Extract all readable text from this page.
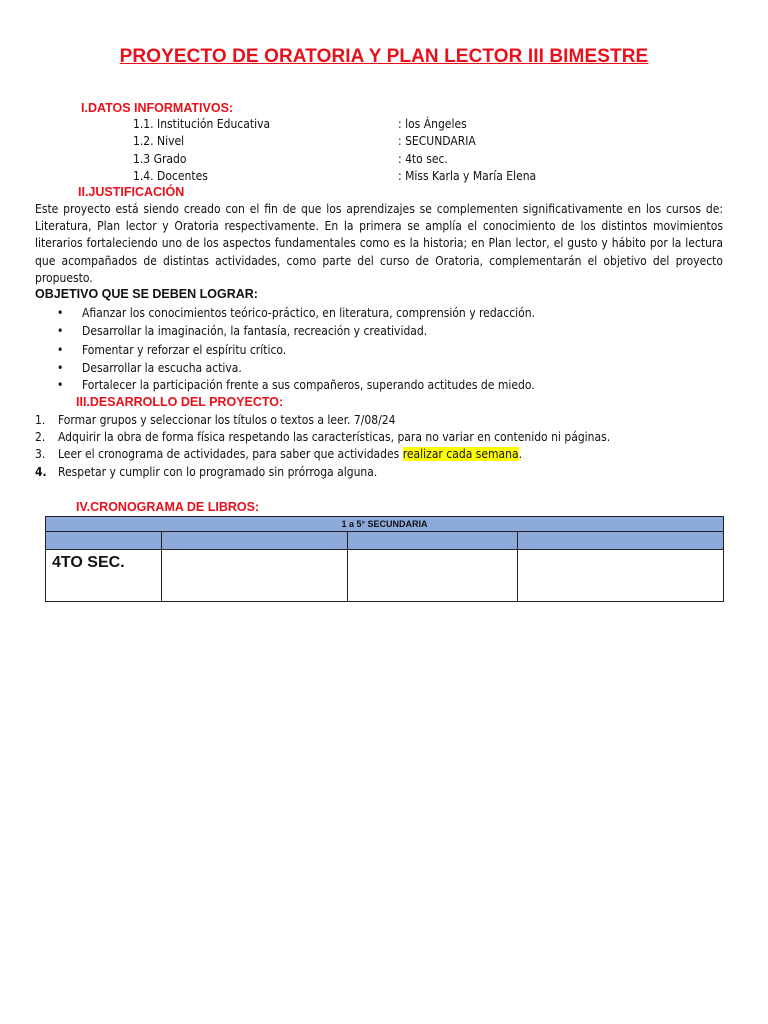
PROYECTO DE ORATORIA Y PLAN LECTOR III BIMESTRE
I.DATOS INFORMATIVOS:
1.1. Institución Educativa	: los Ángeles
1.2. Nivel	: SECUNDARIA
1.3 Grado	: 4to sec.
1.4. Docentes	: Miss Karla y María Elena
II.JUSTIFICACIÓN
Este proyecto está siendo creado con el fin de que los aprendizajes se complementen significativamente en los cursos de: Literatura, Plan lector y Oratoria respectivamente. En la primera se amplía el conocimiento de los distintos movimientos literarios fortaleciendo uno de los aspectos fundamentales como es la historia; en Plan lector, el gusto y hábito por la lectura que acompañados de distintas actividades, como parte del curso de Oratoria, complementarán el objetivo del proyecto propuesto.
OBJETIVO QUE SE DEBEN LOGRAR:
• Afianzar los conocimientos teórico-práctico, en literatura, comprensión y redacción.
• Desarrollar la imaginación, la fantasía, recreación y creatividad.
• Fomentar y reforzar el espíritu crítico.
• Desarrollar la escucha activa.
• Fortalecer la participación frente a sus compañeros, superando actitudes de miedo.
III.DESARROLLO DEL PROYECTO:
1. Formar grupos y seleccionar los títulos o textos a leer. 7/08/24
2. Adquirir la obra de forma física respetando las características, para no variar en contenido ni páginas.
3. Leer el cronograma de actividades, para saber que actividades realizar cada semana.
4. Respetar y cumplir con lo programado sin prórroga alguna.
IV.CRONOGRAMA DE LIBROS:
1 a 5° SECUNDARIA			

4TO SEC.			
